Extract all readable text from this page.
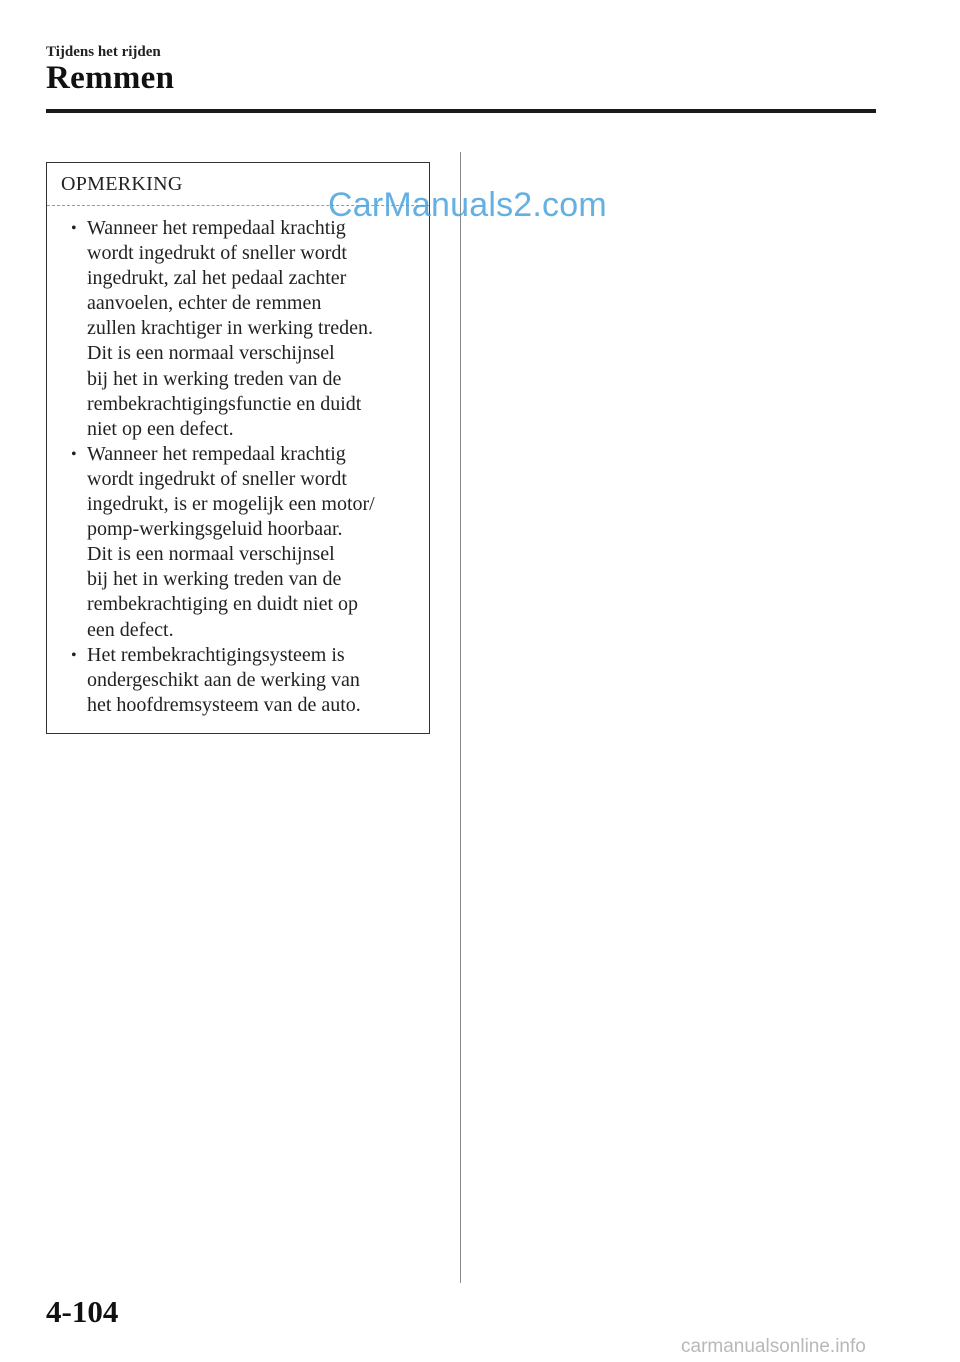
Tijdens het rijden
Remmen
OPMERKING
• Wanneer het rempedaal krachtig
wordt ingedrukt of sneller wordt
ingedrukt, zal het pedaal zachter
aanvoelen, echter de remmen
zullen krachtiger in werking treden.
Dit is een normaal verschijnsel
bij het in werking treden van de
rembekrachtigingsfunctie en duidt
niet op een defect.
• Wanneer het rempedaal krachtig
wordt ingedrukt of sneller wordt
ingedrukt, is er mogelijk een motor/
pomp-werkingsgeluid hoorbaar.
Dit is een normaal verschijnsel
bij het in werking treden van de
rembekrachtiging en duidt niet op
een defect.
• Het rembekrachtigingsysteem is
ondergeschikt aan de werking van
het hoofdremsysteem van de auto.
CarManuals2.com
4-104
carmanualsonline.info
